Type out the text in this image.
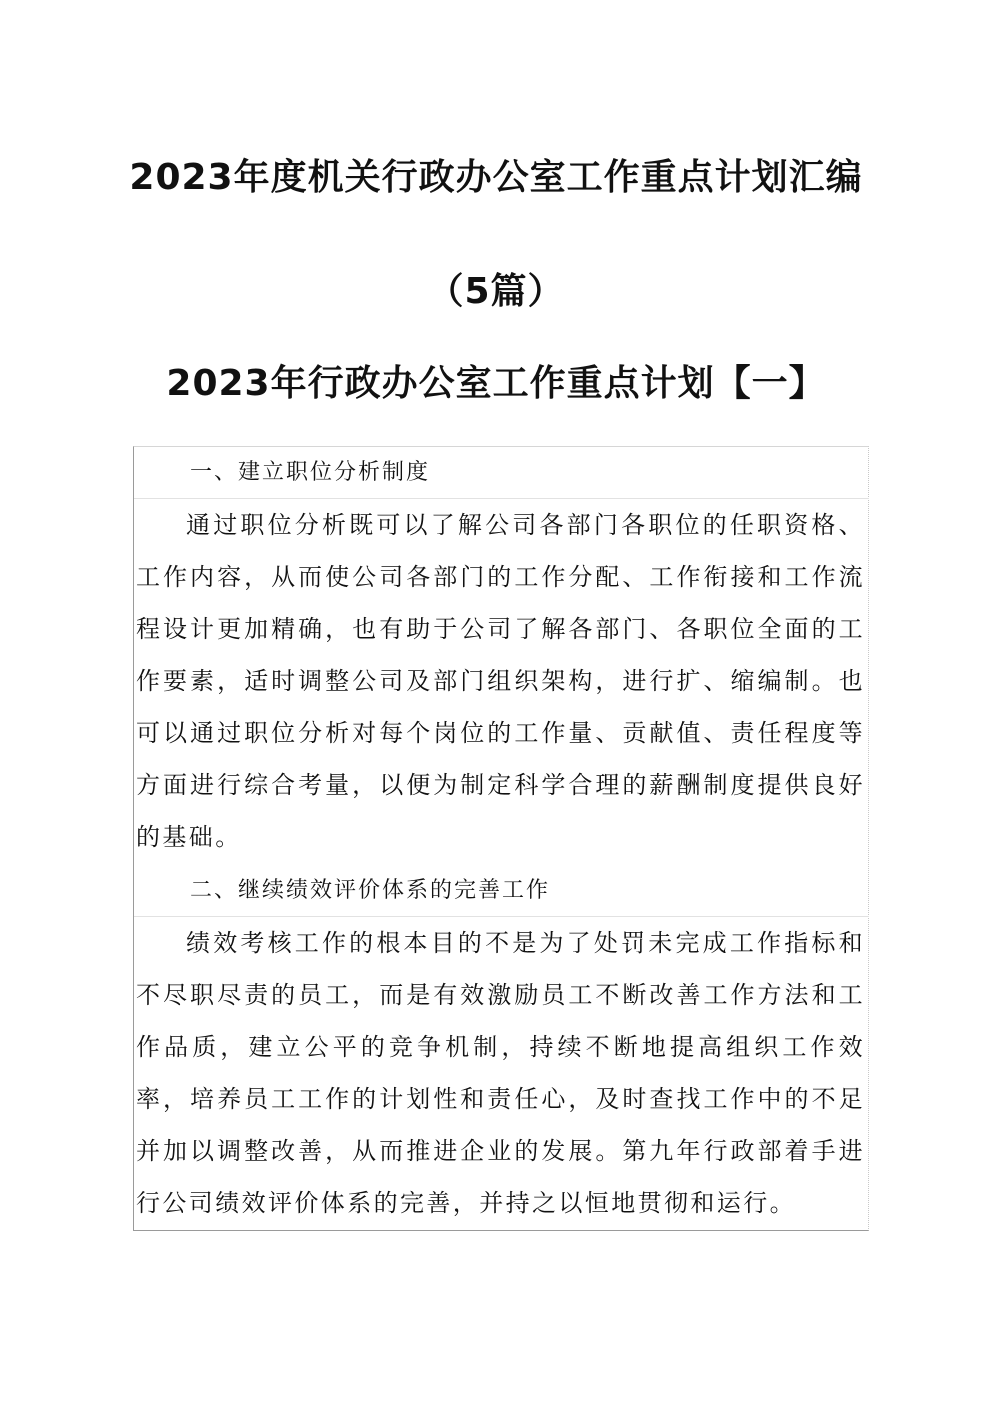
2023年度机关行政办公室工作重点计划汇编
（5篇）
2023年行政办公室工作重点计划【一】

一、建立职位分析制度

通过职位分析既可以了解公司各部门各职位的任职资格、工作内容，从而使公司各部门的工作分配、工作衔接和工作流程设计更加精确，也有助于公司了解各部门、各职位全面的工作要素，适时调整公司及部门组织架构，进行扩、缩编制。也可以通过职位分析对每个岗位的工作量、贡献值、责任程度等方面进行综合考量，以便为制定科学合理的薪酬制度提供良好的基础。

二、继续绩效评价体系的完善工作

绩效考核工作的根本目的不是为了处罚未完成工作指标和不尽职尽责的员工，而是有效激励员工不断改善工作方法和工作品质，建立公平的竞争机制，持续不断地提高组织工作效率，培养员工工作的计划性和责任心，及时查找工作中的不足并加以调整改善，从而推进企业的发展。第九年行政部着手进行公司绩效评价体系的完善，并持之以恒地贯彻和运行。
